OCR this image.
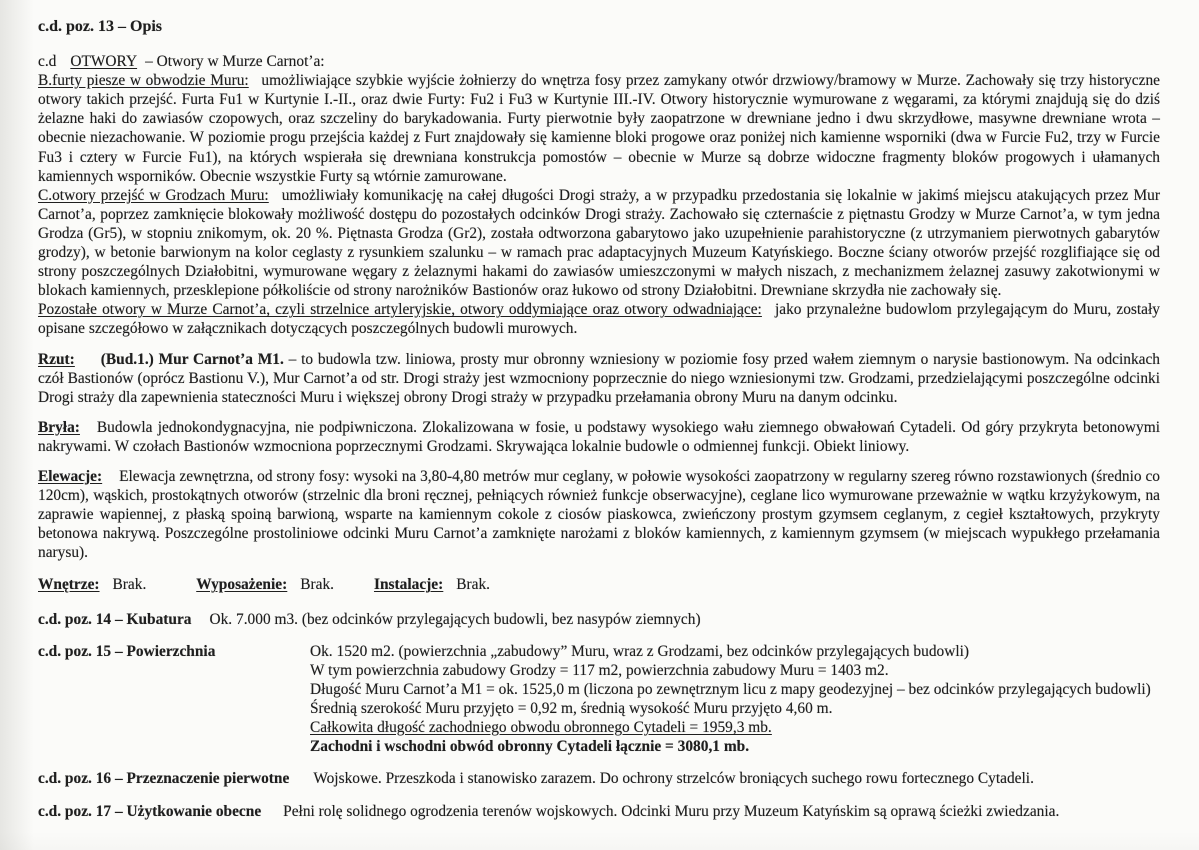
c.d. poz. 13 – Opis

c.d OTWORY – Otwory w Murze Carnot’a:

B.furty piesze w obwodzie Muru: umożliwiające szybkie wyjście żołnierzy do wnętrza fosy przez zamykany otwór drzwiowy/bramowy w Murze. Zachowały się trzy historyczne otwory takich przejść. Furta Fu1 w Kurtynie I.-II., oraz dwie Furty: Fu2 i Fu3 w Kurtynie III.-IV. Otwory historycznie wymurowane z węgarami, za którymi znajdują się do dziś żelazne haki do zawiasów czopowych, oraz szczeliny do barykadowania. Furty pierwotnie były zaopatrzone w drewniane jedno i dwu skrzydłowe, masywne drewniane wrota – obecnie niezachowanie. W poziomie progu przejścia każdej z Furt znajdowały się kamienne bloki progowe oraz poniżej nich kamienne wsporniki (dwa w Furcie Fu2, trzy w Furcie Fu3 i cztery w Furcie Fu1), na których wspierała się drewniana konstrukcja pomostów – obecnie w Murze są dobrze widoczne fragmenty bloków progowych i ułamanych kamiennych wsporników. Obecnie wszystkie Furty są wtórnie zamurowane.

C.otwory przejść w Grodzach Muru: umożliwiały komunikację na całej długości Drogi straży, a w przypadku przedostania się lokalnie w jakimś miejscu atakujących przez Mur Carnot’a, poprzez zamknięcie blokowały możliwość dostępu do pozostałych odcinków Drogi straży. Zachowało się czternaście z piętnastu Grodzy w Murze Carnot’a, w tym jedna Grodza (Gr5), w stopniu znikomym, ok. 20 %. Piętnasta Grodza (Gr2), została odtworzona gabarytowo jako uzupełnienie parahistoryczne (z utrzymaniem pierwotnych gabarytów grodzy), w betonie barwionym na kolor ceglasty z rysunkiem szalunku – w ramach prac adaptacyjnych Muzeum Katyńskiego. Boczne ściany otworów przejść rozglifiające się od strony poszczególnych Działobitni, wymurowane węgary z żelaznymi hakami do zawiasów umieszczonymi w małych niszach, z mechanizmem żelaznej zasuwy zakotwionymi w blokach kamiennych, przesklepione półkoliście od strony narożników Bastionów oraz łukowo od strony Działobitni. Drewniane skrzydła nie zachowały się.

Pozostałe otwory w Murze Carnot’a, czyli strzelnice artyleryjskie, otwory oddymiające oraz otwory odwadniające: jako przynależne budowlom przylegającym do Muru, zostały opisane szczegółowo w załącznikach dotyczących poszczególnych budowli murowych.

Rzut: (Bud.1.) Mur Carnot’a M1. – to budowla tzw. liniowa, prosty mur obronny wzniesiony w poziomie fosy przed wałem ziemnym o narysie bastionowym. Na odcinkach czół Bastionów (oprócz Bastionu V.), Mur Carnot’a od str. Drogi straży jest wzmocniony poprzecznie do niego wzniesionymi tzw. Grodzami, przedzielającymi poszczególne odcinki Drogi straży dla zapewnienia stateczności Muru i większej obrony Drogi straży w przypadku przełamania obrony Muru na danym odcinku.

Bryła: Budowla jednokondygnacyjna, nie podpiwniczona. Zlokalizowana w fosie, u podstawy wysokiego wału ziemnego obwałowań Cytadeli. Od góry przykryta betonowymi nakrywami. W czołach Bastionów wzmocniona poprzecznymi Grodzami. Skrywająca lokalnie budowle o odmiennej funkcji. Obiekt liniowy.

Elewacje: Elewacja zewnętrzna, od strony fosy: wysoki na 3,80-4,80 metrów mur ceglany, w połowie wysokości zaopatrzony w regularny szereg równo rozstawionych (średnio co 120cm), wąskich, prostokątnych otworów (strzelnic dla broni ręcznej, pełniących również funkcje obserwacyjne), ceglane lico wymurowane przeważnie w wątku krzyżykowym, na zaprawie wapiennej, z płaską spoiną barwioną, wsparte na kamiennym cokole z ciosów piaskowca, zwieńczony prostym gzymsem ceglanym, z cegieł kształtowych, przykryty betonowa nakrywą. Poszczególne prostoliniowe odcinki Muru Carnot’a zamknięte narożami z bloków kamiennych, z kamiennym gzymsem (w miejscach wypukłego przełamania narysu).

Wnętrze: Brak.	Wyposażenie: Brak.	Instalacje: Brak.

c.d. poz. 14 – Kubatura Ok. 7.000 m3. (bez odcinków przylegających budowli, bez nasypów ziemnych)

c.d. poz. 15 – Powierzchnia	Ok. 1520 m2. (powierzchnia „zabudowy” Muru, wraz z Grodzami, bez odcinków przylegających budowli)
W tym powierzchnia zabudowy Grodzy = 117 m2, powierzchnia zabudowy Muru = 1403 m2.
Długość Muru Carnot’a M1 = ok. 1525,0 m (liczona po zewnętrznym licu z mapy geodezyjnej – bez odcinków przylegających budowli)
Średnią szerokość Muru przyjęto = 0,92 m, średnią wysokość Muru przyjęto 4,60 m.
Całkowita długość zachodniego obwodu obronnego Cytadeli = 1959,3 mb.
Zachodni i wschodni obwód obronny Cytadeli łącznie = 3080,1 mb.

c.d. poz. 16 – Przeznaczenie pierwotne Wojskowe. Przeszkoda i stanowisko zarazem. Do ochrony strzelców broniących suchego rowu fortecznego Cytadeli.

c.d. poz. 17 – Użytkowanie obecne Pełni rolę solidnego ogrodzenia terenów wojskowych. Odcinki Muru przy Muzeum Katyńskim są oprawą ścieżki zwiedzania.
